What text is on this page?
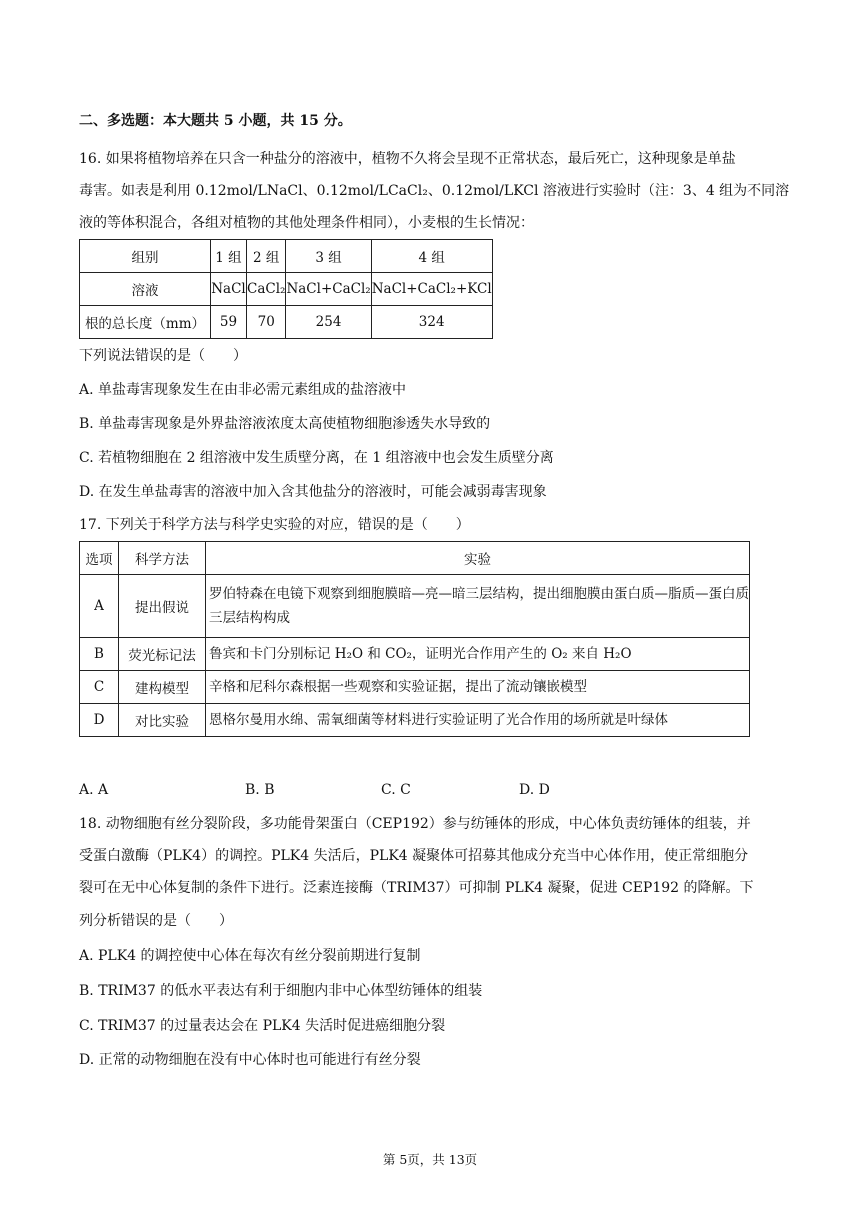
二、多选题：本大题共 5 小题，共 15 分。
16. 如果将植物培养在只含一种盐分的溶液中，植物不久将会呈现不正常状态，最后死亡，这种现象是单盐
毒害。如表是利用 0.12mol/LNaCl、0.12mol/LCaCl₂、0.12mol/LKCl 溶液进行实验时（注：3、4 组为不同溶
液的等体积混合，各组对植物的其他处理条件相同），小麦根的生长情况：
组别	1 组	2 组	3 组	4 组
溶液	NaCl	CaCl₂	NaCl+CaCl₂	NaCl+CaCl₂+KCl
根的总长度（mm）	59	70	254	324
下列说法错误的是（　　）
A. 单盐毒害现象发生在由非必需元素组成的盐溶液中
B. 单盐毒害现象是外界盐溶液浓度太高使植物细胞渗透失水导致的
C. 若植物细胞在 2 组溶液中发生质壁分离，在 1 组溶液中也会发生质壁分离
D. 在发生单盐毒害的溶液中加入含其他盐分的溶液时，可能会减弱毒害现象
17. 下列关于科学方法与科学史实验的对应，错误的是（　　）
选项	科学方法	实验
A	提出假说	罗伯特森在电镜下观察到细胞膜暗—亮—暗三层结构，提出细胞膜由蛋白质—脂质—蛋白质三层结构构成
B	荧光标记法	鲁宾和卡门分别标记 H₂O 和 CO₂，证明光合作用产生的 O₂ 来自 H₂O
C	建构模型	辛格和尼科尔森根据一些观察和实验证据，提出了流动镶嵌模型
D	对比实验	恩格尔曼用水绵、需氧细菌等材料进行实验证明了光合作用的场所就是叶绿体
A. A	B. B	C. C	D. D
18. 动物细胞有丝分裂阶段，多功能骨架蛋白（CEP192）参与纺锤体的形成，中心体负责纺锤体的组装，并
受蛋白激酶（PLK4）的调控。PLK4 失活后，PLK4 凝聚体可招募其他成分充当中心体作用，使正常细胞分
裂可在无中心体复制的条件下进行。泛素连接酶（TRIM37）可抑制 PLK4 凝聚，促进 CEP192 的降解。下
列分析错误的是（　　）
A. PLK4 的调控使中心体在每次有丝分裂前期进行复制
B. TRIM37 的低水平表达有利于细胞内非中心体型纺锤体的组装
C. TRIM37 的过量表达会在 PLK4 失活时促进癌细胞分裂
D. 正常的动物细胞在没有中心体时也可能进行有丝分裂
第 5页，共 13页
